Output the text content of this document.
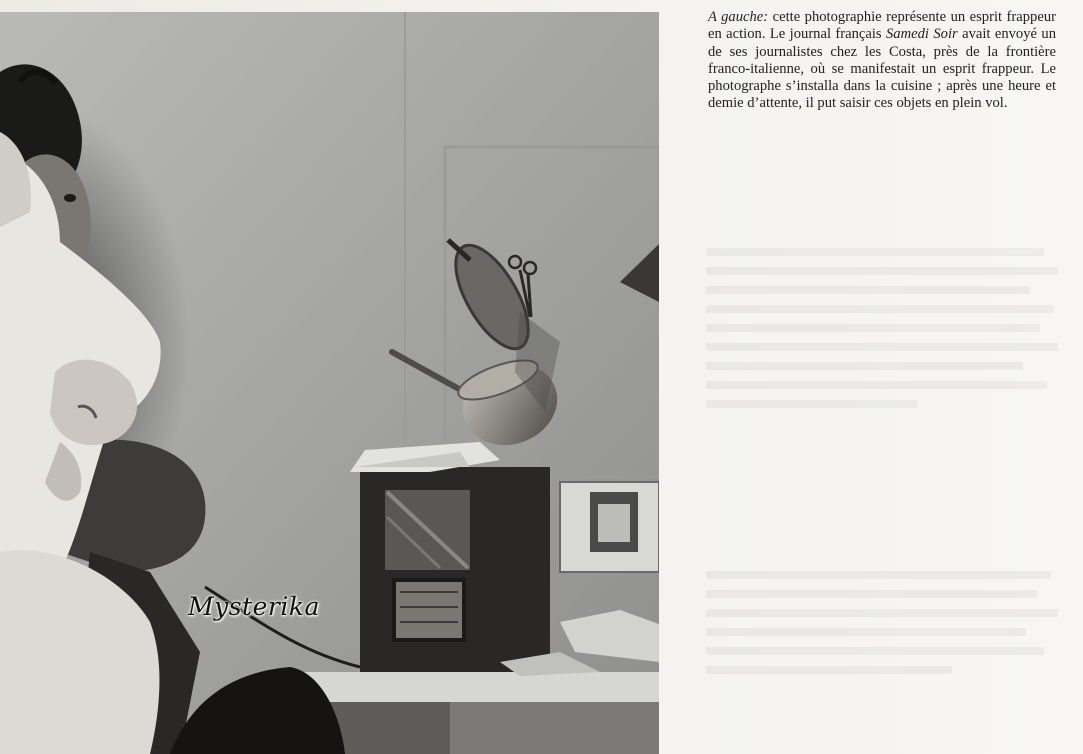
Mysterika

A gauche: cette photographie représente un esprit frappeur en action. Le journal français Samedi Soir avait envoyé un de ses journalistes chez les Costa, près de la frontière franco-italienne, où se manifestait un esprit frappeur. Le photographe s’installa dans la cuisine ; après une heure et demie d’attente, il put saisir ces objets en plein vol.
